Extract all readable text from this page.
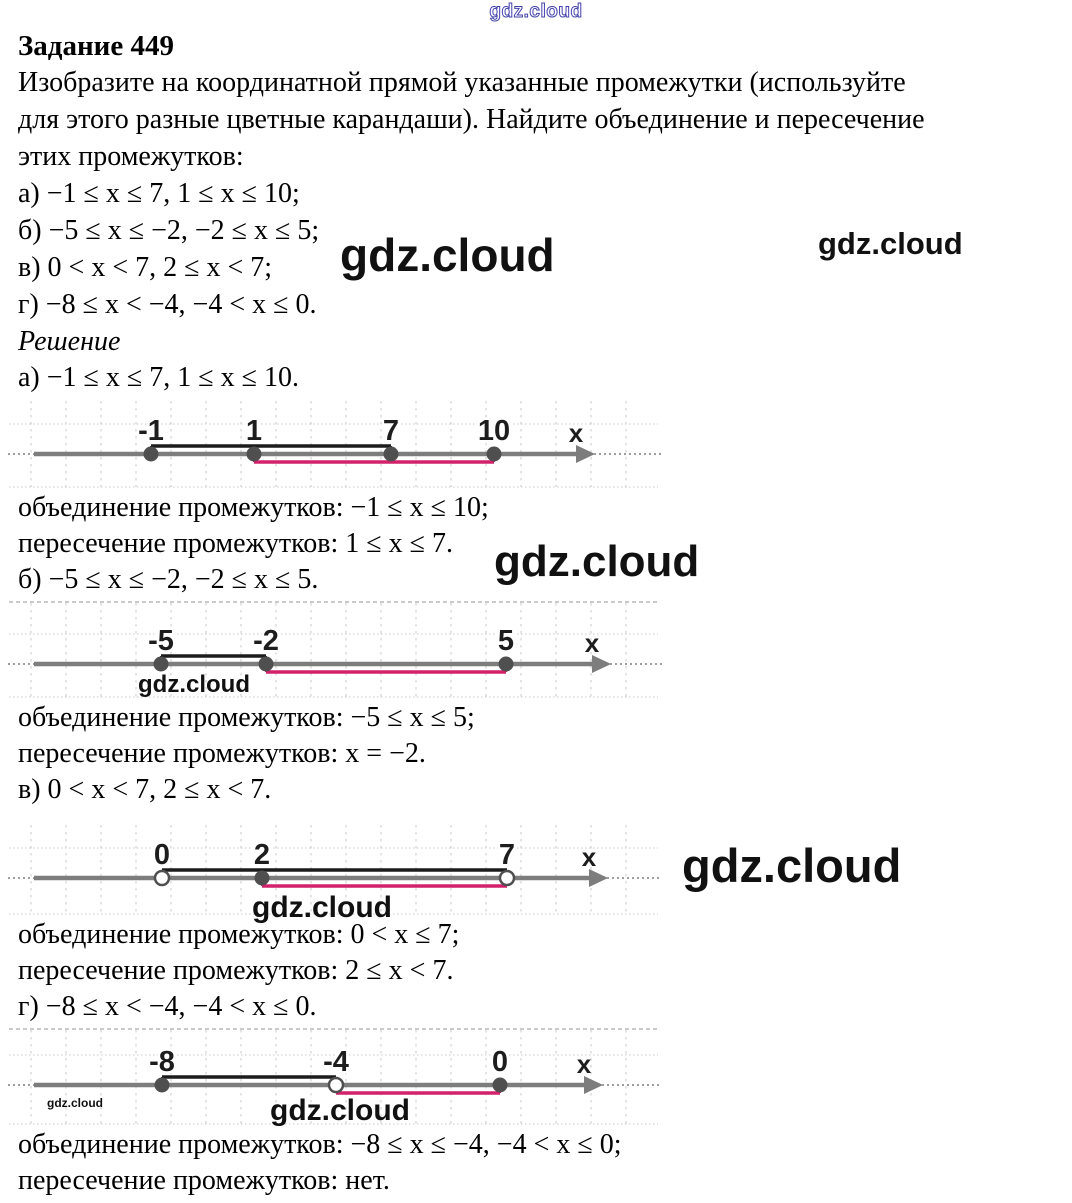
gdz.cloud
Задание 449
Изобразите на координатной прямой указанные промежутки (используйте
для этого разные цветные карандаши). Найдите объединение и пересечение
этих промежутков:
а) −1 ≤ x ≤ 7, 1 ≤ x ≤ 10;
б) −5 ≤ x ≤ −2, −2 ≤ x ≤ 5;
в) 0 < x < 7, 2 ≤ x < 7;
г) −8 ≤ x < −4, −4 < x ≤ 0.
Решение
а) −1 ≤ x ≤ 7, 1 ≤ x ≤ 10.
-1	1	7	10 x
объединение промежутков: −1 ≤ x ≤ 10;
пересечение промежутков: 1 ≤ x ≤ 7.
б) −5 ≤ x ≤ −2, −2 ≤ x ≤ 5.
-5	-2	5	x
объединение промежутков: −5 ≤ x ≤ 5;
пересечение промежутков: x = −2.
в) 0 < x < 7, 2 ≤ x < 7.
0	2	7	x
объединение промежутков: 0 < x ≤ 7;
пересечение промежутков: 2 ≤ x < 7.
г) −8 ≤ x < −4, −4 < x ≤ 0.
-8	-4	0	x
объединение промежутков: −8 ≤ x ≤ −4, −4 < x ≤ 0;
пересечение промежутков: нет.
gdz.cloud	gdz.cloud
gdz.cloud
gdz.cloud
gdz.cloud
gdz.cloud
gdz.cloud	gdz.cloud
